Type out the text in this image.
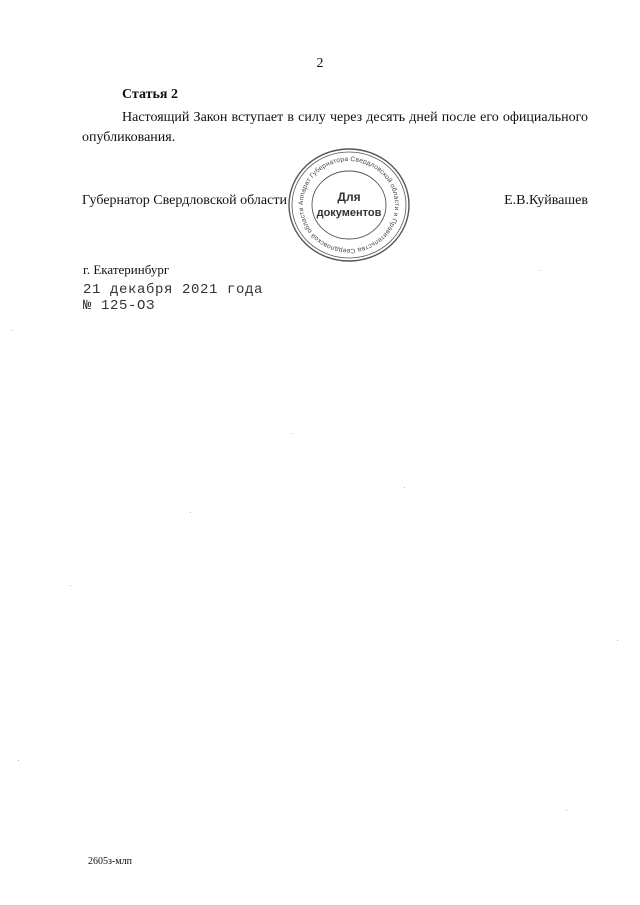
2
Статья 2
Настоящий Закон вступает в силу через десять дней после его официального опубликования.
Губернатор Свердловской области	Е.В.Куйвашев
Аппарат Губернатора Свердловской области и Правительства Свердловской области
Для
документов
г. Екатеринбург
21 декабря 2021 года
№ 125-ОЗ
2605з-млп
